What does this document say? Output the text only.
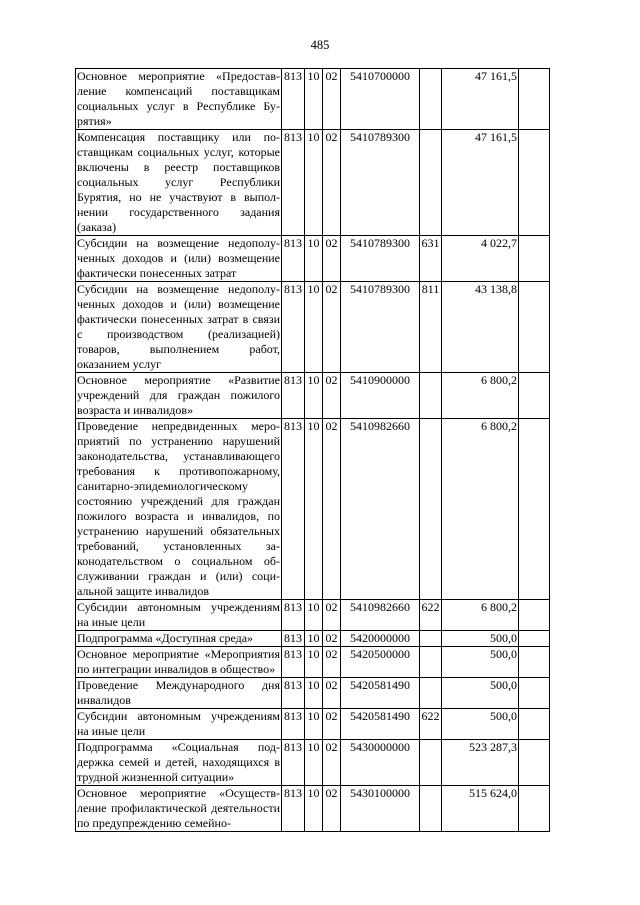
485
Основное мероприятие «Предоставление компенсаций поставщикам социальных услуг в Республике Бурятия»	813	10	02	5410700000		47 161,5	
Компенсация поставщику или поставщикам социальных услуг, которые включены в реестр поставщиков социальных услуг Республики Бурятия, но не участвуют в выполнении государственного задания (заказа)	813	10	02	5410789300		47 161,5	
Субсидии на возмещение недополученных доходов и (или) возмещение фактически понесенных затрат	813	10	02	5410789300	631	4 022,7	
Субсидии на возмещение недополученных доходов и (или) возмещение фактически понесенных затрат в связи с производством (реализацией) товаров, выполнением работ, оказанием услуг	813	10	02	5410789300	811	43 138,8	
Основное мероприятие «Развитие учреждений для граждан пожилого возраста и инвалидов»	813	10	02	5410900000		6 800,2	
Проведение непредвиденных мероприятий по устранению нарушений законодательства, устанавливающего требования к противопожарному, санитарно-эпидемиологическому состоянию учреждений для граждан пожилого возраста и инвалидов, по устранению нарушений обязательных требований, установленных законодательством о социальном обслуживании граждан и (или) социальной защите инвалидов	813	10	02	5410982660		6 800,2	
Субсидии автономным учреждениям на иные цели	813	10	02	5410982660	622	6 800,2	
Подпрограмма «Доступная среда»	813	10	02	5420000000		500,0	
Основное мероприятие «Мероприятия по интеграции инвалидов в общество»	813	10	02	5420500000		500,0	
Проведение Международного дня инвалидов	813	10	02	5420581490		500,0	
Субсидии автономным учреждениям на иные цели	813	10	02	5420581490	622	500,0	
Подпрограмма «Социальная поддержка семей и детей, находящихся в трудной жизненной ситуации»	813	10	02	5430000000		523 287,3	
Основное мероприятие «Осуществление профилактической деятельности по предупреждению семейно-	813	10	02	5430100000		515 624,0	
